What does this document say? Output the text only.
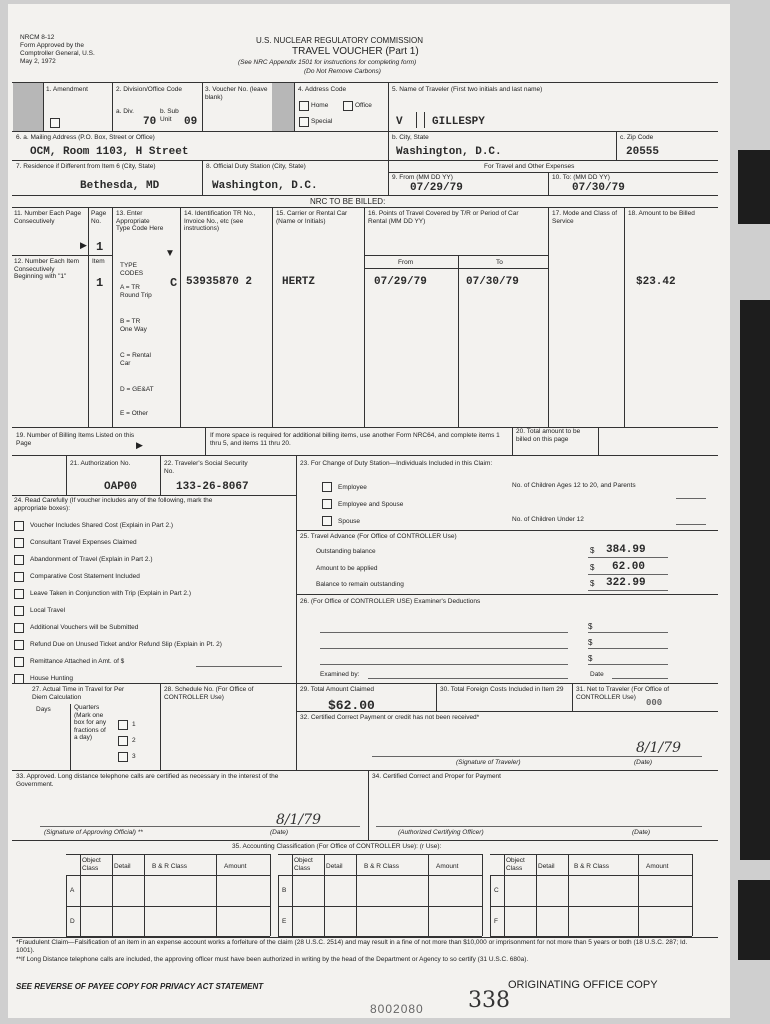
NRCM 8-12
Form Approved by the
Comptroller General, U.S.
May 2, 1972
U.S. NUCLEAR REGULATORY COMMISSION
TRAVEL VOUCHER (Part 1)
(See NRC Appendix 1501 for instructions for completing form)
(Do Not Remove Carbons)
1. Amendment	2. Division/Office Code
a. Div.
70
b. Sub Unit	09
3. Voucher No. (leave blank)
4. Address Code
Home	Office
Special
5. Name of Traveler (First two initials and last name)
V	GILLESPY
6. a. Mailing Address (P.O. Box, Street or Office)
OCM, Room 1103, H Street
b. City, State
Washington, D.C.
c. Zip Code
20555
7. Residence if Different from Item 6 (City, State)
Bethesda, MD
8. Official Duty Station (City, State)
Washington, D.C.
For Travel and Other Expenses
9. From (MM DD YY)
07/29/79
10. To: (MM DD YY)
07/30/79
NRC TO BE BILLED:
11. Number Each Page Consecutively
Page No.
▶ 1
12. Number Each Item Consecutively Beginning with "1"
Item
1
13. Enter Appropriate Type Code Here
▼
TYPE CODES
A = TR Round Trip
B = TR One Way
C = Rental Car
D = GE&AT
E = Other
C
14. Identification TR No., Invoice No., etc (see instructions)
53935870 2
15. Carrier or Rental Car (Name or Initials)
HERTZ
16. Points of Travel Covered by T/R or Period of Car Rental (MM DD YY)
From	To
07/29/79	07/30/79
17. Mode and Class of Service
18. Amount to be Billed
$23.42
19. Number of Billing Items Listed on this Page	▶
If more space is required for additional billing items, use another Form NRC64, and complete items 1 thru 5, and items 11 thru 20.
20. Total amount to be billed on this page
21. Authorization No.
OAP00
22. Traveler's Social Security No.
133-26-8067
23. For Change of Duty Station—Individuals Included in this Claim:
Employee
Employee and Spouse
Spouse
No. of Children Ages 12 to 20, and Parents
No. of Children Under 12
24. Read Carefully (If voucher includes any of the following, mark the appropriate boxes):
Voucher Includes Shared Cost (Explain in Part 2.)
Consultant Travel Expenses Claimed
Abandonment of Travel (Explain in Part 2.)
Comparative Cost Statement Included
Leave Taken in Conjunction with Trip (Explain in Part 2.)
Local Travel
Additional Vouchers will be Submitted
Refund Due on Unused Ticket and/or Refund Slip (Explain in Pt. 2)
Remittance Attached in Amt. of $
House Hunting
25. Travel Advance (For Office of CONTROLLER Use)
Outstanding balance	$ 384.99
Amount to be applied	$ 62.00
Balance to remain outstanding	$ 322.99
26. (For Office of CONTROLLER USE) Examiner's Deductions
$
$
$
Examined by:	Date
27. Actual Time in Travel for Per Diem Calculation
Days	Quarters (Mark one box for any fractions of a day)
1
2
3
28. Schedule No. (For Office of CONTROLLER Use)
29. Total Amount Claimed
$62.00
30. Total Foreign Costs Included in Item 29 31. Net to Traveler (For Office of CONTROLLER Use)
000
32. Certified Correct Payment or credit has not been received*
8/1/79
(Signature of Traveler)	(Date)
33. Approved. Long distance telephone calls are certified as necessary in the interest of the Government.
8/1/79
(Signature of Approving Official) **	(Date)
34. Certified Correct and Proper for Payment
(Authorized Certifying Officer)	(Date)
35. Accounting Classification (For Office of CONTROLLER Use): (r Use):
Object Class	Detail	B & R Class	Amount
A
D
Object Class	Detail	B & R Class	Amount
B
E
Object Class	Detail	B & R Class	Amount
C
F
*Fraudulent Claim—Falsification of an item in an expense account works a forfeiture of the claim (28 U.S.C. 2514) and may result in a fine of not more than $10,000 or imprisonment for not more than 5 years or both (18 U.S.C. 287; Id. 1001).
**If Long Distance telephone calls are included, the approving officer must have been authorized in writing by the head of the Department or Agency to so certify (31 U.S.C. 680a).
SEE REVERSE OF PAYEE COPY FOR PRIVACY ACT STATEMENT	ORIGINATING OFFICE COPY
8002080 338
